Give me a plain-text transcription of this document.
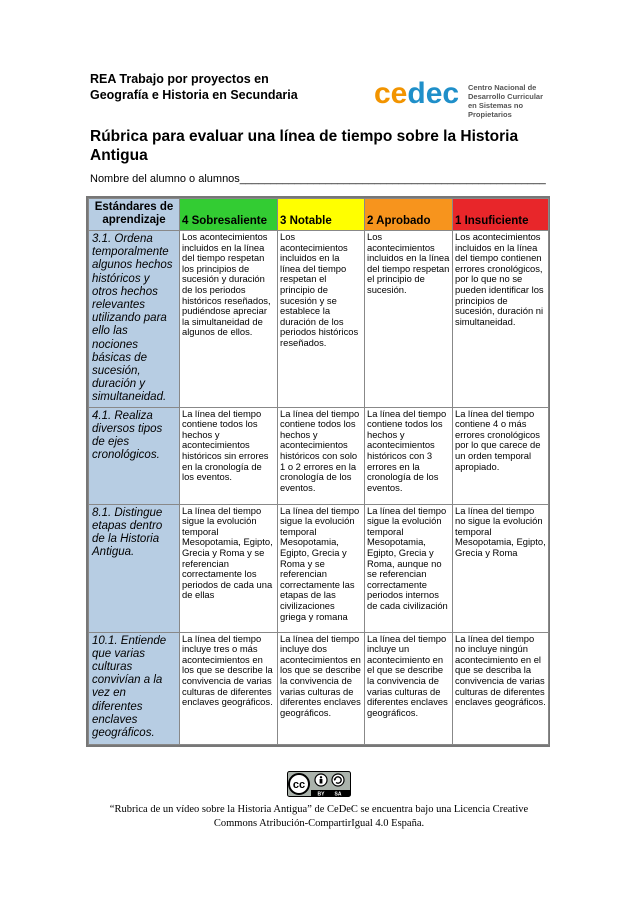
REA Trabajo por proyectos en
Geografía e Historia en Secundaria	cedec Centro Nacional de
Desarrollo Curricular
en Sistemas no Propietarios
Rúbrica para evaluar una línea de tiempo sobre la Historia Antigua
Nombre del alumno o alumnos__________________________________________________
Estándares de aprendizaje	4 Sobresaliente	3 Notable	2 Aprobado	1 Insuficiente
3.1. Ordena temporalmente algunos hechos históricos y otros hechos relevantes utilizando para ello las nociones básicas de sucesión, duración y simultaneidad.	Los acontecimientos incluidos en la línea del tiempo respetan los principios de sucesión y duración de los periodos históricos reseñados, pudiéndose apreciar la simultaneidad de algunos de ellos.	Los acontecimientos incluidos en la línea del tiempo respetan el principio de sucesión y se establece la duración de los periodos históricos reseñados.	Los acontecimientos incluidos en la línea del tiempo respetan el principio de sucesión.	Los acontecimientos incluidos en la línea del tiempo contienen errores cronológicos, por lo que no se pueden identificar los principios de sucesión, duración ni simultaneidad.
4.1. Realiza diversos tipos de ejes cronológicos.	La línea del tiempo contiene todos los hechos y acontecimientos históricos sin errores en la cronología de los eventos.	La línea del tiempo contiene todos los hechos y acontecimientos históricos con solo 1 o 2 errores en la cronología de los eventos.	La línea del tiempo contiene todos los hechos y acontecimientos históricos con 3 errores en la cronología de los eventos.	La línea del tiempo contiene 4 o más errores cronológicos por lo que carece de un orden temporal apropiado.
8.1. Distingue etapas dentro de la Historia Antigua.	La línea del tiempo sigue la evolución temporal Mesopotamia, Egipto, Grecia y Roma y se referencian correctamente los periodos de cada una de ellas	La línea del tiempo sigue la evolución temporal Mesopotamia, Egipto, Grecia y Roma y se referencian correctamente las etapas de las civilizaciones griega y romana	La línea del tiempo sigue la evolución temporal Mesopotamia, Egipto, Grecia y Roma, aunque no se referencian correctamente periodos internos de cada civilización	La línea del tiempo no sigue la evolución temporal Mesopotamia, Egipto, Grecia y Roma
10.1. Entiende que varias culturas convivían a la vez en diferentes enclaves geográficos.	La línea del tiempo incluye tres o más acontecimientos en los que se describe la convivencia de varias culturas de diferentes enclaves geográficos.	La línea del tiempo incluye dos acontecimientos en los que se describe la convivencia de varias culturas de diferentes enclaves geográficos.	La línea del tiempo incluye un acontecimiento en el que se describe la convivencia de varias culturas de diferentes enclaves geográficos.	La línea del tiempo no incluye ningún acontecimiento en el que se describa la convivencia de varias culturas de diferentes enclaves geográficos.
cc
BY SA
“Rubrica de un vídeo sobre la Historia Antigua” de CeDeC se encuentra bajo una Licencia Creative
Commons Atribución-CompartirIgual 4.0 España.
